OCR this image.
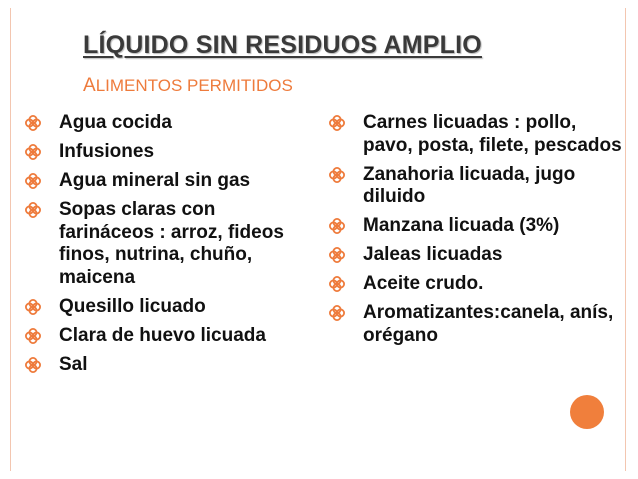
LÍQUIDO SIN RESIDUOS AMPLIO
ALIMENTOS PERMITIDOS
Agua cocida
Infusiones
Agua mineral sin gas
Sopas claras con farináceos : arroz, fideos finos, nutrina, chuño, maicena
Quesillo licuado
Clara de huevo licuada
Sal
Carnes licuadas : pollo, pavo, posta, filete, pescados
Zanahoria licuada, jugo diluido
Manzana licuada (3%)
Jaleas licuadas
Aceite crudo.
Aromatizantes:canela, anís, orégano
